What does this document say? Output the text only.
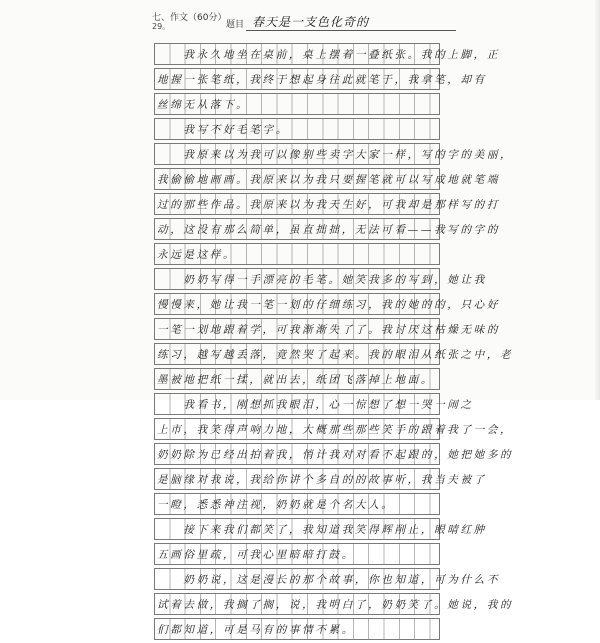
七、作文（60分）
29。	题目 春天是一支色化奇的
　　我永久地坐在桌前，桌上摆着一叠纸张。我的上脚，正
地握一张笔纸，我终于想起身往此就笔于，我拿笔，却有
丝绵无从落下。
　　我写不好毛笔字。
　　我原来以为我可以像别些卖字大家一样，写的字的美丽，
我偷偷地画画。我原来以为我只要握笔就可以写成地就笔端
过的那些作品。我原来以为我天生好，可我却是那样写的打
动，这没有那么简单，虽直拙拙，无法可看——我写的字的
永远是这样。
　　奶奶写得一手漂亮的毛笔。她笑我多的写到，她让我
慢慢来，她让我一笔一划的仔细练习，我的她的的，只心好
一笔一划地跟着学，可我渐渐失了了。我讨厌这枯燥无味的
练习，越写越丢落，竟然哭了起来。我的眼泪从纸张之中，老
墨被地把纸一揉，就出去，纸团飞落掉上地面。
　　我看书，刚想抓我眼泪，心一惊想了想一哭一闹之
上市，我笑得声响力地，大概那些那些笑手的跟着我了一会，
奶奶除为已经出拍着我，悄计我对对看不起跟的，她把她多的
是脑缘对我说，我给你讲个多自的的故事听，我当夫被了
一瞪，悉悉神注视，奶奶就是个名大人。
　　接下来我们都笑了，我知道我笑得辉削止，眼晴红肿
五画俗里疏，可我心里暗暗打鼓。
　　奶奶说，这是漫长的那个故事，你也知道，可为什么不
试着去做，我搁了搁，说，我明白了，奶奶笑了。她说，我的
们都知道，可是马有的事情不累。
